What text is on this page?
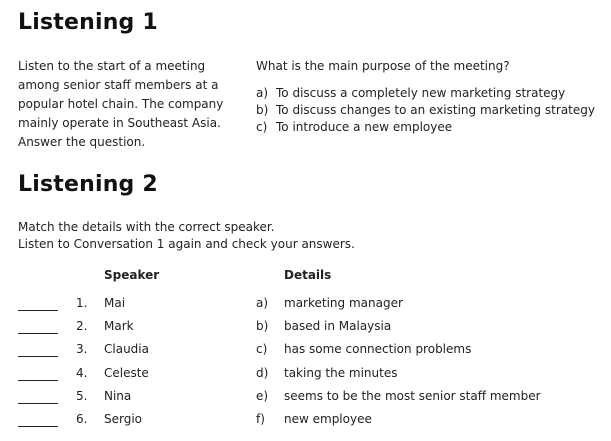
Listening 1
Listen to the start of a meeting among senior staff members at a popular hotel chain. The company mainly operate in Southeast Asia. Answer the question.
What is the main purpose of the meeting?
a) To discuss a completely new marketing strategy
b) To discuss changes to an existing marketing strategy
c) To introduce a new employee
Listening 2
Match the details with the correct speaker.
Listen to Conversation 1 again and check your answers.
Speaker	Details
1. Mai	a) marketing manager
2. Mark	b) based in Malaysia
3. Claudia	c) has some connection problems
4. Celeste	d) taking the minutes
5. Nina	e) seems to be the most senior staff member
6. Sergio	f) new employee
